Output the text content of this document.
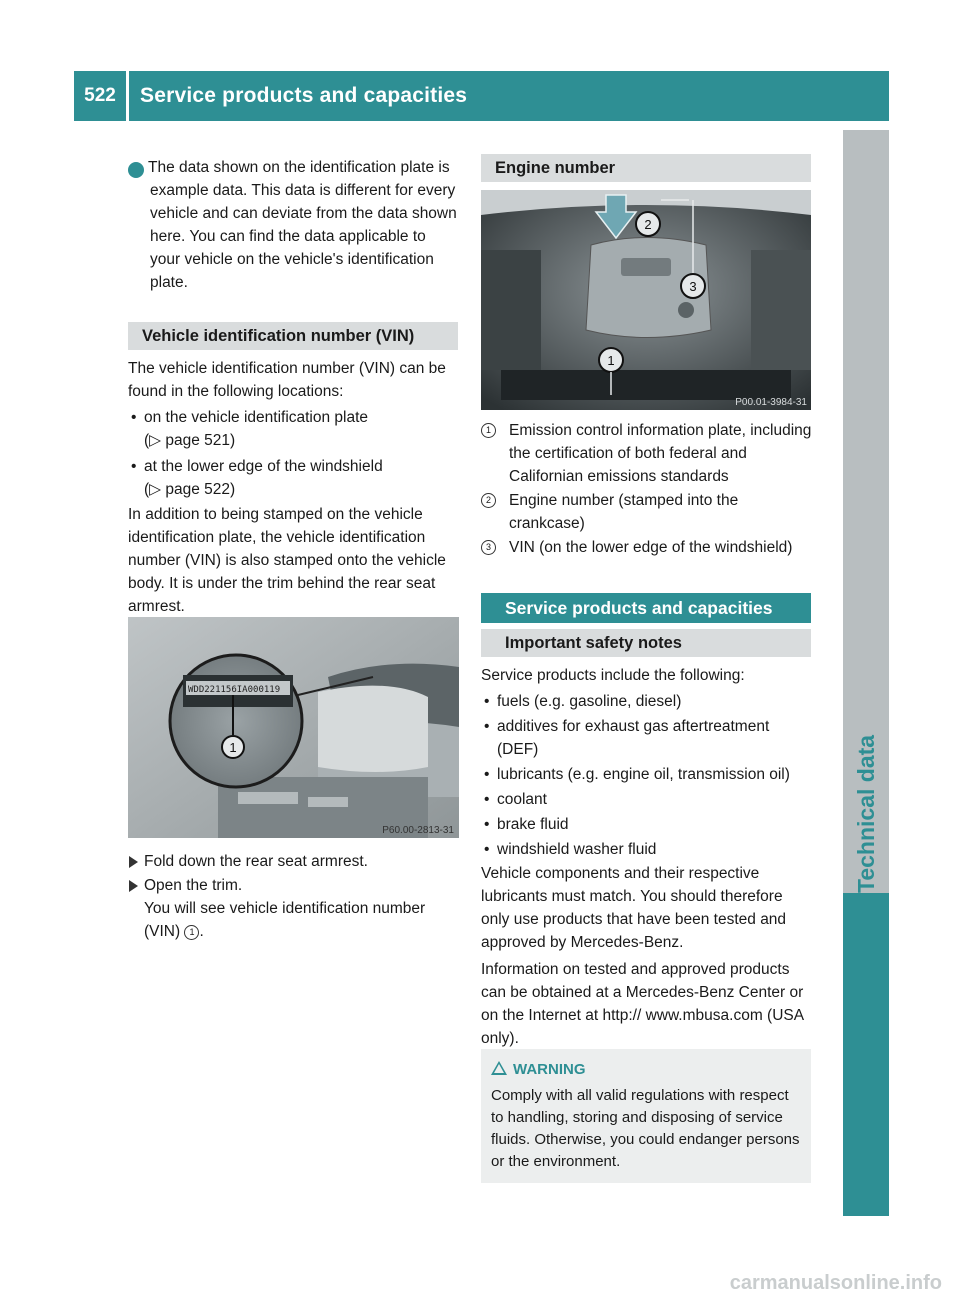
522	Service products and capacities
Technical data

i The data shown on the identification plate is example data. This data is different for every vehicle and can deviate from the data shown here. You can find the data applicable to your vehicle on the vehicle's identification plate.

Vehicle identification number (VIN)

The vehicle identification number (VIN) can be found in the following locations:

• on the vehicle identification plate
(▷ page 521)

• at the lower edge of the windshield
(▷ page 522)

In addition to being stamped on the vehicle identification plate, the vehicle identification number (VIN) is also stamped onto the vehicle body. It is under the trim behind the rear seat armrest.

WDD221156IA000119
1
P60.00-2813-31

Fold down the rear seat armrest.

Open the trim.

You will see vehicle identification number (VIN) 1 .

Engine number
2
3
1
P00.01-3984-31

1	Emission control information plate, including the certification of both federal and Californian emissions standards

2	Engine number (stamped into the crankcase)

3	VIN (on the lower edge of the windshield)

Service products and capacities
Important safety notes

Service products include the following:

• fuels (e.g. gasoline, diesel)

• additives for exhaust gas aftertreatment (DEF)

• lubricants (e.g. engine oil, transmission oil)

• coolant

• brake fluid

• windshield washer fluid

Vehicle components and their respective lubricants must match. You should therefore only use products that have been tested and approved by Mercedes-Benz.

Information on tested and approved products can be obtained at a Mercedes-Benz Center or on the Internet at http:// www.mbusa.com (USA only).

WARNING

Comply with all valid regulations with respect to handling, storing and disposing of service fluids. Otherwise, you could endanger persons or the environment.

carmanualsonline.info
